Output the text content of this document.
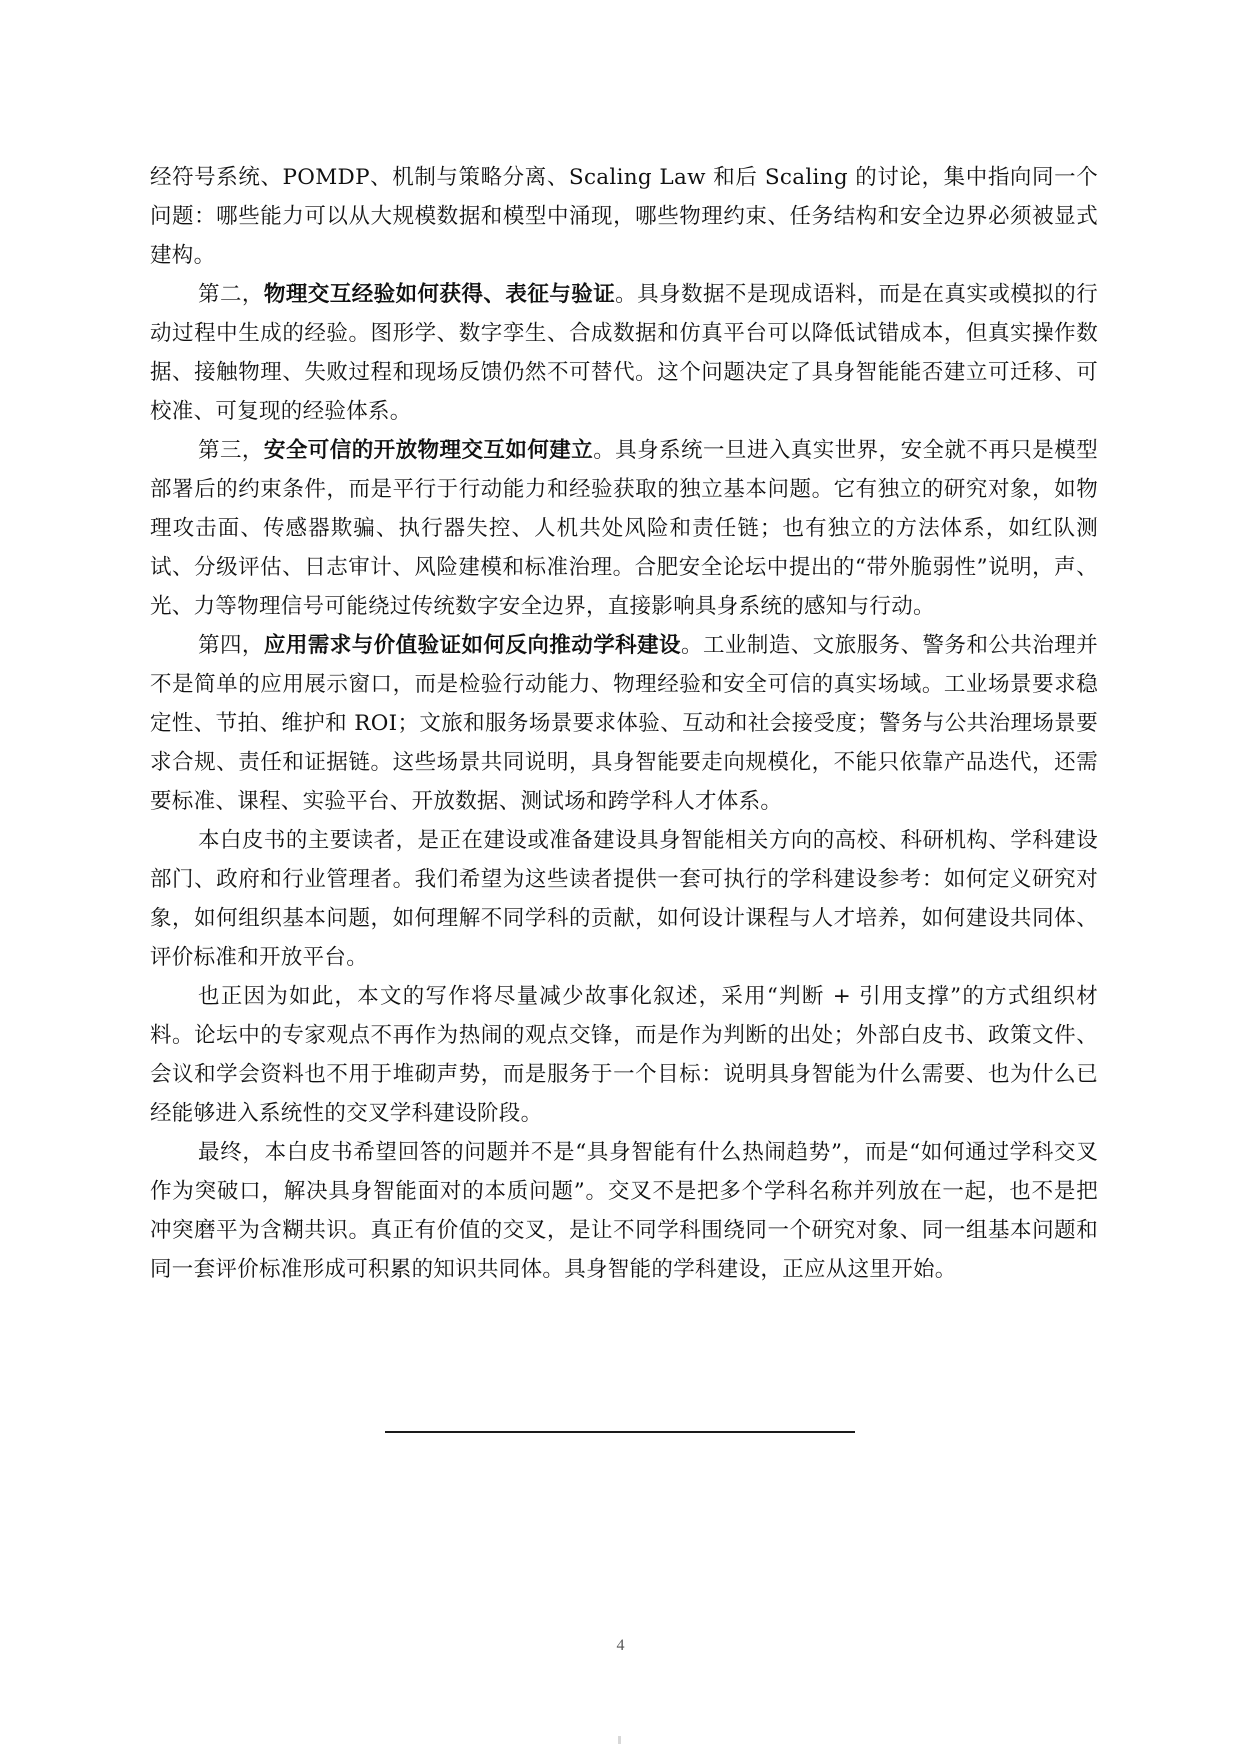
经符号系统、POMDP、机制与策略分离、Scaling Law 和后 Scaling 的讨论，集中指向同一个问题：哪些能力可以从大规模数据和模型中涌现，哪些物理约束、任务结构和安全边界必须被显式建构。

第二，物理交互经验如何获得、表征与验证。具身数据不是现成语料，而是在真实或模拟的行动过程中生成的经验。图形学、数字孪生、合成数据和仿真平台可以降低试错成本，但真实操作数据、接触物理、失败过程和现场反馈仍然不可替代。这个问题决定了具身智能能否建立可迁移、可校准、可复现的经验体系。

第三，安全可信的开放物理交互如何建立。具身系统一旦进入真实世界，安全就不再只是模型部署后的约束条件，而是平行于行动能力和经验获取的独立基本问题。它有独立的研究对象，如物理攻击面、传感器欺骗、执行器失控、人机共处风险和责任链；也有独立的方法体系，如红队测试、分级评估、日志审计、风险建模和标准治理。合肥安全论坛中提出的“带外脆弱性”说明，声、光、力等物理信号可能绕过传统数字安全边界，直接影响具身系统的感知与行动。

第四，应用需求与价值验证如何反向推动学科建设。工业制造、文旅服务、警务和公共治理并不是简单的应用展示窗口，而是检验行动能力、物理经验和安全可信的真实场域。工业场景要求稳定性、节拍、维护和 ROI；文旅和服务场景要求体验、互动和社会接受度；警务与公共治理场景要求合规、责任和证据链。这些场景共同说明，具身智能要走向规模化，不能只依靠产品迭代，还需要标准、课程、实验平台、开放数据、测试场和跨学科人才体系。

本白皮书的主要读者，是正在建设或准备建设具身智能相关方向的高校、科研机构、学科建设部门、政府和行业管理者。我们希望为这些读者提供一套可执行的学科建设参考：如何定义研究对象，如何组织基本问题，如何理解不同学科的贡献，如何设计课程与人才培养，如何建设共同体、评价标准和开放平台。

也正因为如此，本文的写作将尽量减少故事化叙述，采用“判断 + 引用支撑”的方式组织材料。论坛中的专家观点不再作为热闹的观点交锋，而是作为判断的出处；外部白皮书、政策文件、会议和学会资料也不用于堆砌声势，而是服务于一个目标：说明具身智能为什么需要、也为什么已经能够进入系统性的交叉学科建设阶段。

最终，本白皮书希望回答的问题并不是“具身智能有什么热闹趋势”，而是“如何通过学科交叉作为突破口，解决具身智能面对的本质问题”。交叉不是把多个学科名称并列放在一起，也不是把冲突磨平为含糊共识。真正有价值的交叉，是让不同学科围绕同一个研究对象、同一组基本问题和同一套评价标准形成可积累的知识共同体。具身智能的学科建设，正应从这里开始。

4
